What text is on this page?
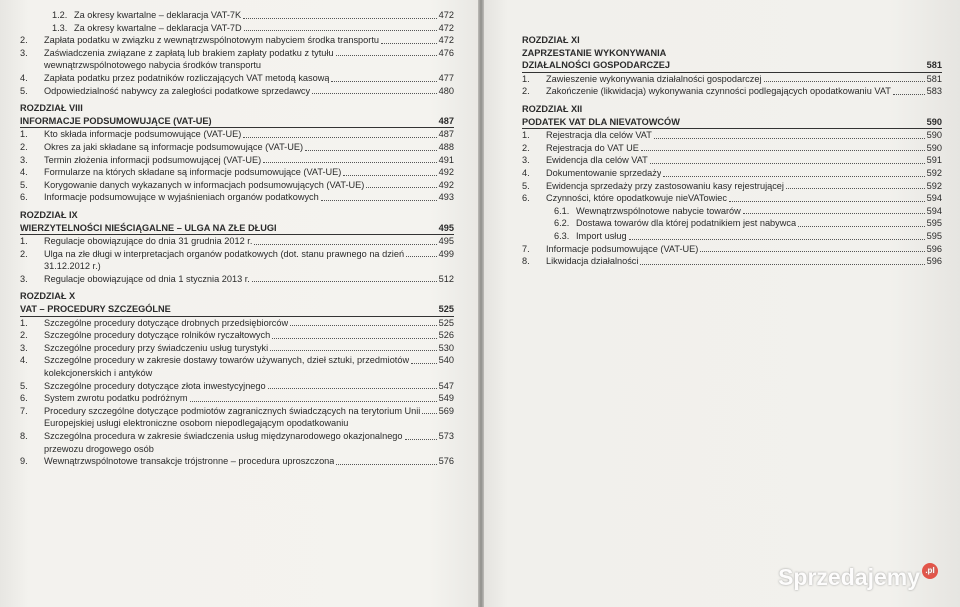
1.2. Za okresy kwartalne – deklaracja VAT-7K	472
1.3. Za okresy kwartalne – deklaracja VAT-7D	472
2.	Zapłata podatku w związku z wewnątrzwspólnotowym nabyciem środka transportu	472
3.	Zaświadczenia związane z zapłatą lub brakiem zapłaty podatku z tytułu	476
wewnątrzwspólnotowego nabycia środków transportu
4.	Zapłata podatku przez podatników rozliczających VAT metodą kasową	477
5.	Odpowiedzialność nabywcy za zaległości podatkowe sprzedawcy	480
ROZDZIAŁ VIII
INFORMACJE PODSUMOWUJĄCE (VAT-UE)	487
1.	Kto składa informacje podsumowujące (VAT-UE)	487
2.	Okres za jaki składane są informacje podsumowujące (VAT-UE)	488
3.	Termin złożenia informacji podsumowującej (VAT-UE)	491
4.	Formularze na których składane są informacje podsumowujące (VAT-UE)	492
5.	Korygowanie danych wykazanych w informacjach podsumowujących (VAT-UE)	492
6.	Informacje podsumowujące w wyjaśnieniach organów podatkowych	493
ROZDZIAŁ IX
WIERZYTELNOŚCI NIEŚCIĄGALNE – ULGA NA ZŁE DŁUGI	495
1.	Regulacje obowiązujące do dnia 31 grudnia 2012 r.	495
2.	Ulga na złe długi w interpretacjach organów podatkowych (dot. stanu prawnego na dzień	499
31.12.2012 r.)
3.	Regulacje obowiązujące od dnia 1 stycznia 2013 r.	512
ROZDZIAŁ X
VAT – PROCEDURY SZCZEGÓLNE	525
1.	Szczególne procedury dotyczące drobnych przedsiębiorców	525
2.	Szczególne procedury dotyczące rolników ryczałtowych	526
3.	Szczególne procedury przy świadczeniu usług turystyki	530
4.	Szczególne procedury w zakresie dostawy towarów używanych, dzieł sztuki, przedmiotów	540
kolekcjonerskich i antyków
5.	Szczególne procedury dotyczące złota inwestycyjnego	547
6.	System zwrotu podatku podróżnym	549
7.	Procedury szczególne dotyczące podmiotów zagranicznych świadczących na terytorium Unii 569
Europejskiej usługi elektroniczne osobom niepodlegającym opodatkowaniu
8.	Szczególna procedura w zakresie świadczenia usług międzynarodowego okazjonalnego	573
przewozu drogowego osób
9.	Wewnątrzwspólnotowe transakcje trójstronne – procedura uproszczona	576
ROZDZIAŁ XI
ZAPRZESTANIE WYKONYWANIA
DZIAŁALNOŚCI GOSPODARCZEJ	581
1.	Zawieszenie wykonywania działalności gospodarczej	581
2.	Zakończenie (likwidacja) wykonywania czynności podlegających opodatkowaniu VAT	583
ROZDZIAŁ XII
PODATEK VAT DLA NIEVATOWCÓW	590
1.	Rejestracja dla celów VAT	590
2.	Rejestracja do VAT UE	590
3.	Ewidencja dla celów VAT	591
4.	Dokumentowanie sprzedaży	592
5.	Ewidencja sprzedaży przy zastosowaniu kasy rejestrującej	592
6.	Czynności, które opodatkowuje nieVATowiec	594
6.1. Wewnątrzwspólnotowe nabycie towarów	594
6.2. Dostawa towarów dla której podatnikiem jest nabywca	595
6.3. Import usług	595
7.	Informacje podsumowujące (VAT-UE)	596
8.	Likwidacja działalności	596
Sprzedajemy .pl
